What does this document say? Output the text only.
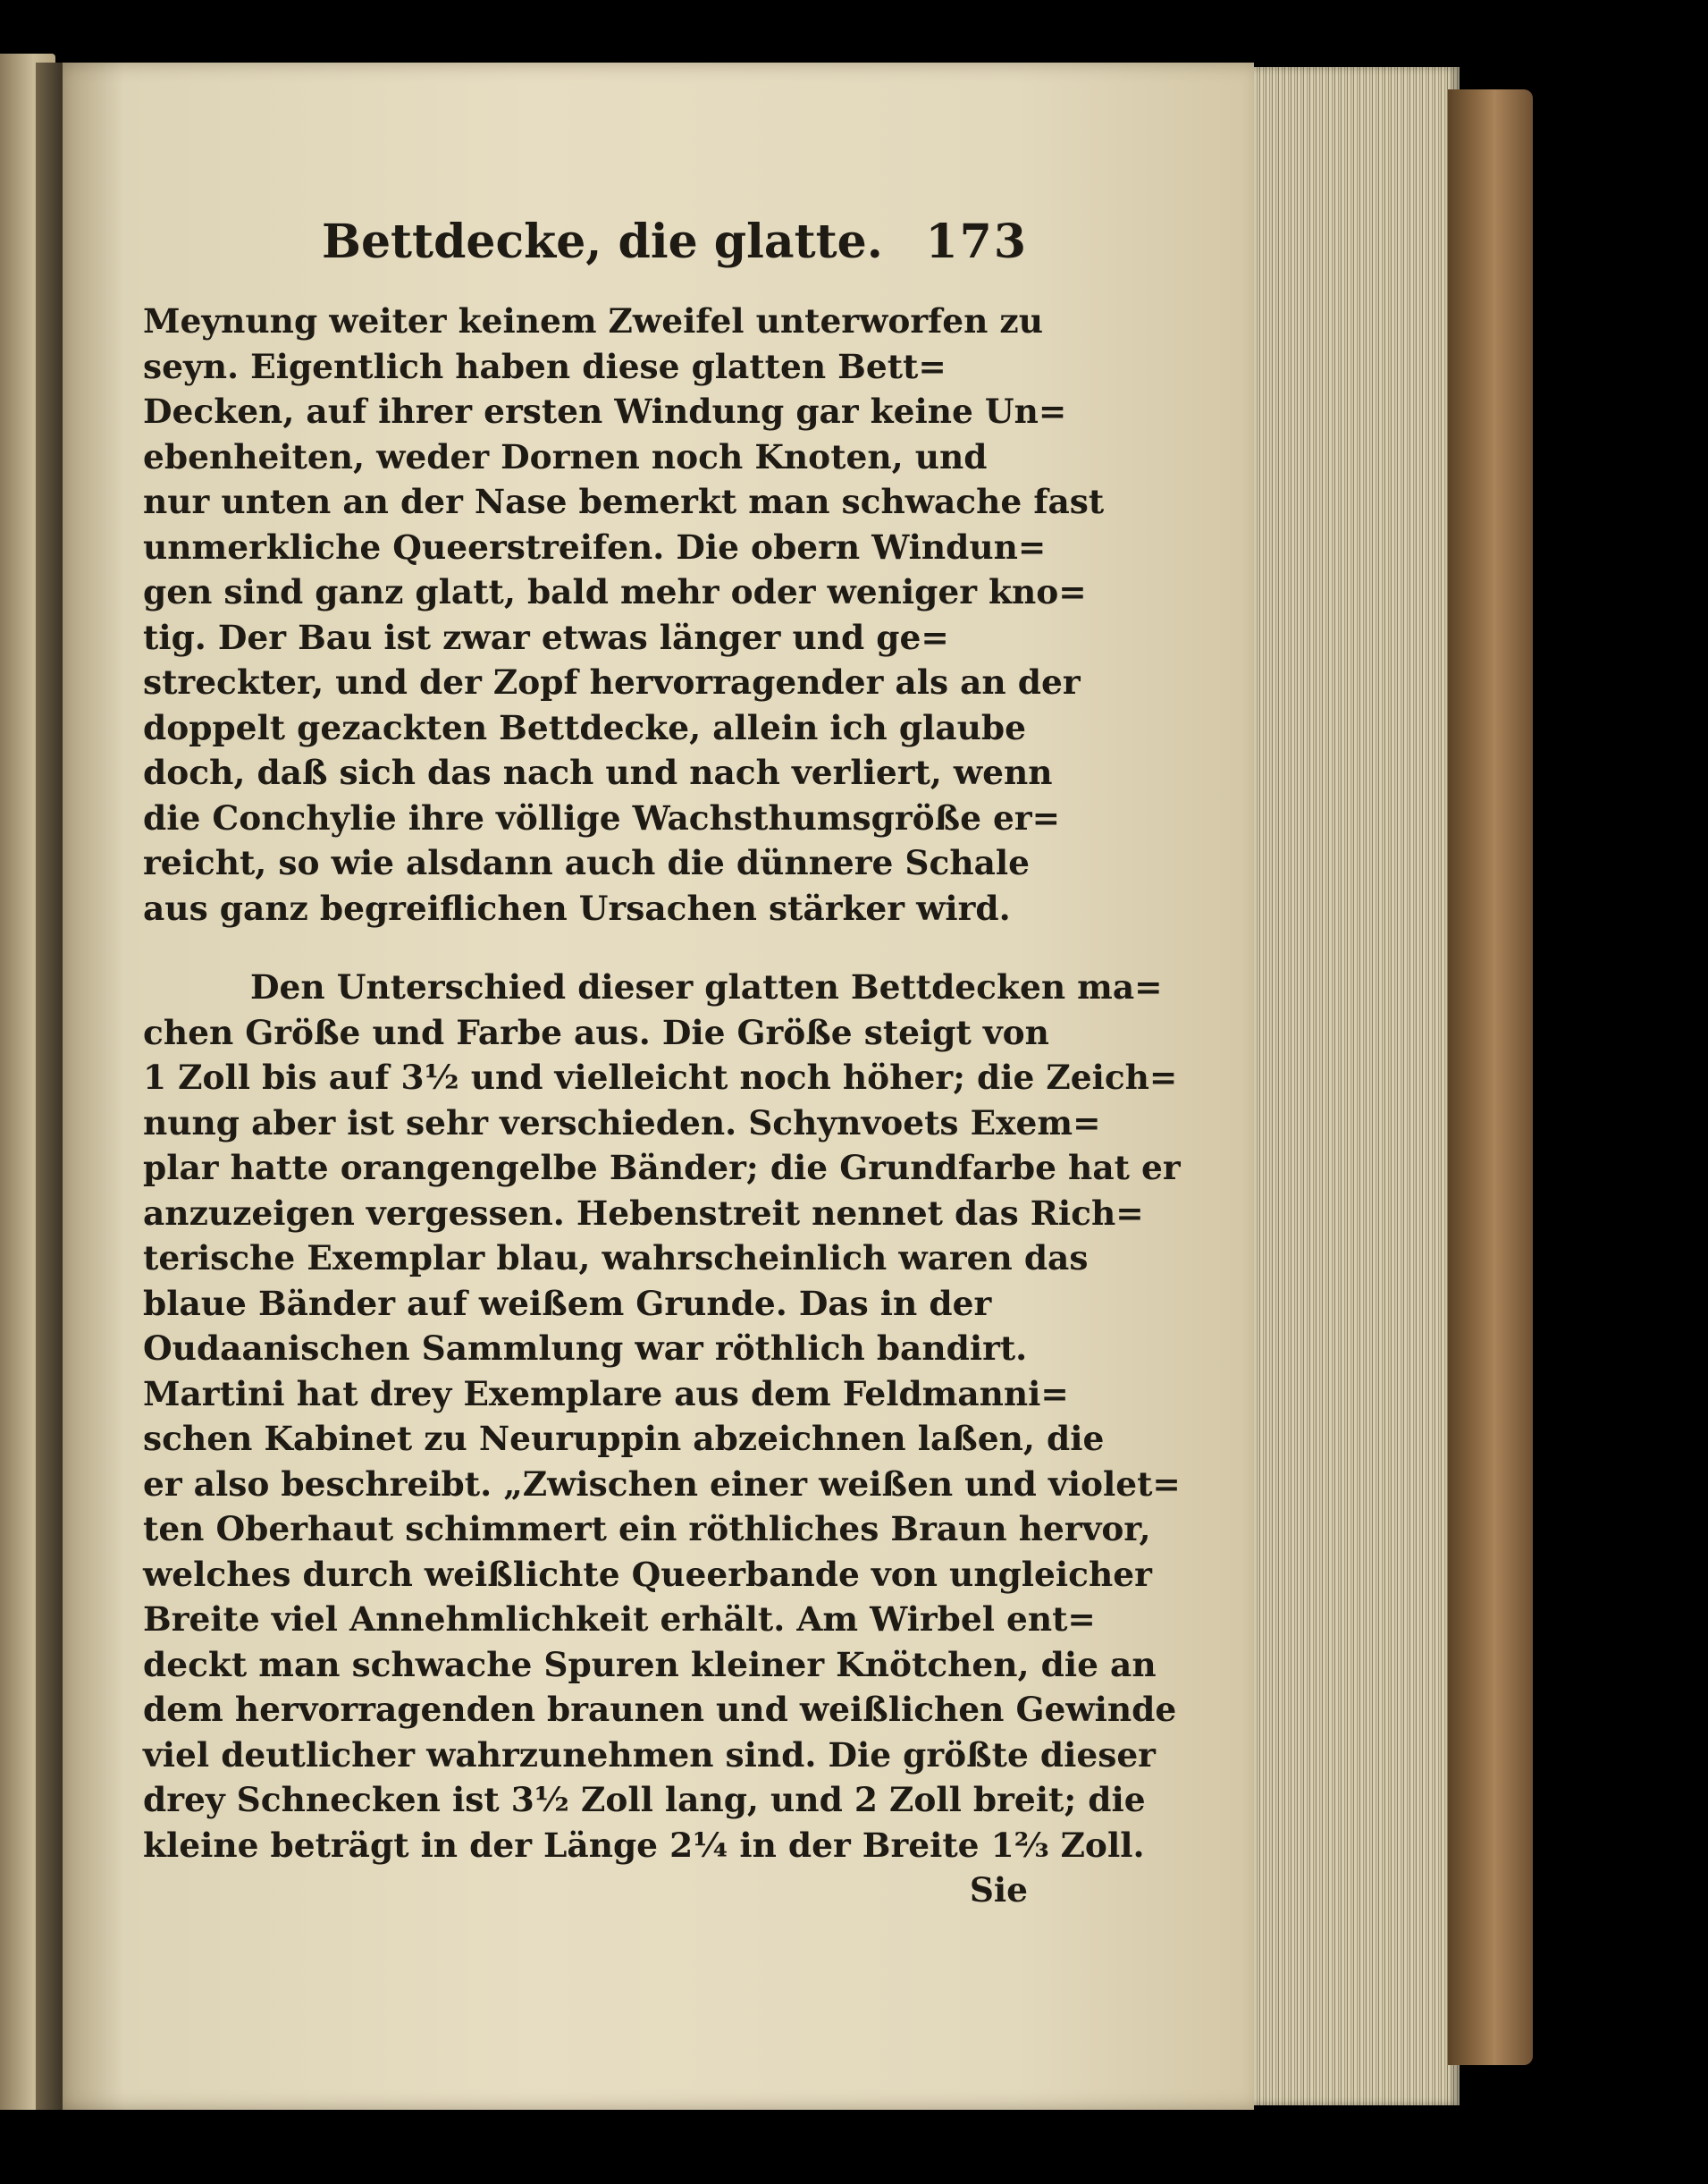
Bettdecke, die glatte. 173
Meynung weiter keinem Zweifel unterworfen zu
seyn. Eigentlich haben diese glatten Bett=
Decken, auf ihrer ersten Windung gar keine Un=
ebenheiten, weder Dornen noch Knoten, und
nur unten an der Nase bemerkt man schwache fast
unmerkliche Queerstreifen. Die obern Windun=
gen sind ganz glatt, bald mehr oder weniger kno=
tig. Der Bau ist zwar etwas länger und ge=
streckter, und der Zopf hervorragender als an der
doppelt gezackten Bettdecke, allein ich glaube
doch, daß sich das nach und nach verliert, wenn
die Conchylie ihre völlige Wachsthumsgröße er=
reicht, so wie alsdann auch die dünnere Schale
aus ganz begreiflichen Ursachen stärker wird.
Den Unterschied dieser glatten Bettdecken ma=
chen Größe und Farbe aus. Die Größe steigt von
1 Zoll bis auf 3½ und vielleicht noch höher; die Zeich=
nung aber ist sehr verschieden. Schynvoets Exem=
plar hatte orangengelbe Bänder; die Grundfarbe hat er
anzuzeigen vergessen. Hebenstreit nennet das Rich=
terische Exemplar blau, wahrscheinlich waren das
blaue Bänder auf weißem Grunde. Das in der
Oudaanischen Sammlung war röthlich bandirt.
Martini hat drey Exemplare aus dem Feldmanni=
schen Kabinet zu Neuruppin abzeichnen laßen, die
er also beschreibt. „Zwischen einer weißen und violet=
ten Oberhaut schimmert ein röthliches Braun hervor,
welches durch weißlichte Queerbande von ungleicher
Breite viel Annehmlichkeit erhält. Am Wirbel ent=
deckt man schwache Spuren kleiner Knötchen, die an
dem hervorragenden braunen und weißlichen Gewinde
viel deutlicher wahrzunehmen sind. Die größte dieser
drey Schnecken ist 3½ Zoll lang, und 2 Zoll breit; die
kleine beträgt in der Länge 2¼ in der Breite 1⅔ Zoll.
Sie
